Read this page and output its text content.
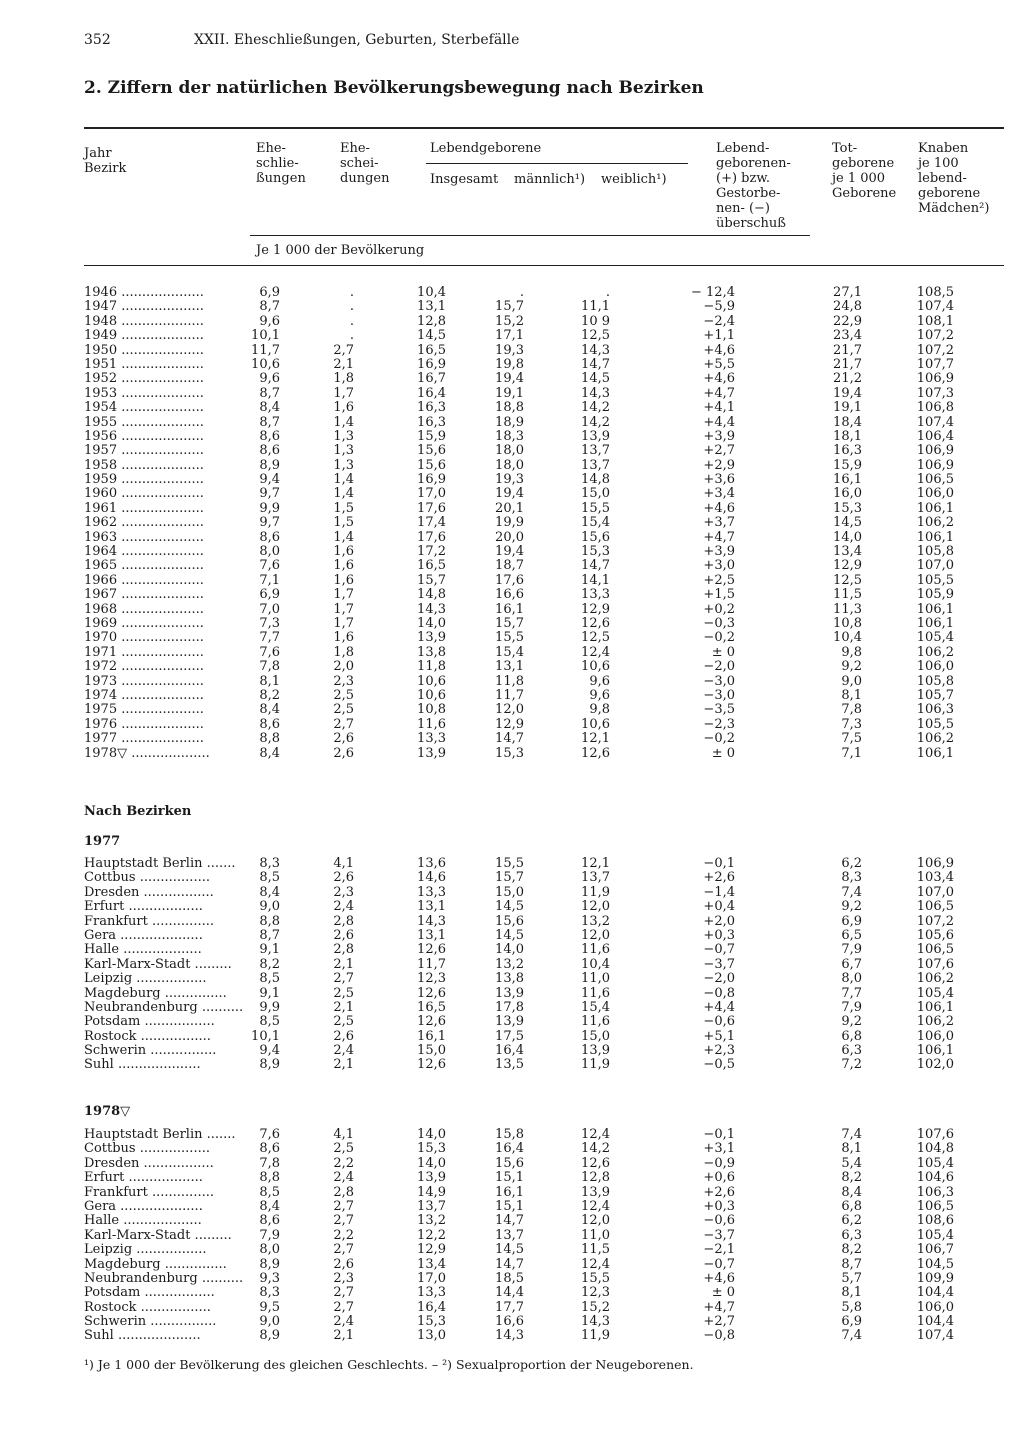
352	XXII. Eheschließungen, Geburten, Sterbefälle
2. Ziffern der natürlichen Bevölkerungsbewegung nach Bezirken
Jahr
Bezirk
Ehe-
schlie-
ßungen
Ehe-
schei-
dungen
Lebendgeborene
Insgesamt männlich¹) weiblich¹)
Lebend-
geborenen-
(+) bzw.
Gestorbe-
nen- (−)
überschuß
Tot-
geborene
je 1 000
Geborene
Knaben
je 100
lebend-
geborene
Mädchen²)
Je 1 000 der Bevölkerung
1946 ....................	6,9	.	10,4	.	.	− 12,4	27,1	108,5
1947 ....................	8,7	.	13,1	15,7	11,1	−5,9	24,8	107,4
1948 ....................	9,6	.	12,8	15,2	10 9	−2,4	22,9	108,1
1949 ....................	10,1	.	14,5	17,1	12,5	+1,1	23,4	107,2
1950 ....................	11,7	2,7	16,5	19,3	14,3	+4,6	21,7	107,2
1951 ....................	10,6	2,1	16,9	19,8	14,7	+5,5	21,7	107,7
1952 ....................	9,6	1,8	16,7	19,4	14,5	+4,6	21,2	106,9
1953 ....................	8,7	1,7	16,4	19,1	14,3	+4,7	19,4	107,3
1954 ....................	8,4	1,6	16,3	18,8	14,2	+4,1	19,1	106,8
1955 ....................	8,7	1,4	16,3	18,9	14,2	+4,4	18,4	107,4
1956 ....................	8,6	1,3	15,9	18,3	13,9	+3,9	18,1	106,4
1957 ....................	8,6	1,3	15,6	18,0	13,7	+2,7	16,3	106,9
1958 ....................	8,9	1,3	15,6	18,0	13,7	+2,9	15,9	106,9
1959 ....................	9,4	1,4	16,9	19,3	14,8	+3,6	16,1	106,5
1960 ....................	9,7	1,4	17,0	19,4	15,0	+3,4	16,0	106,0
1961 ....................	9,9	1,5	17,6	20,1	15,5	+4,6	15,3	106,1
1962 ....................	9,7	1,5	17,4	19,9	15,4	+3,7	14,5	106,2
1963 ....................	8,6	1,4	17,6	20,0	15,6	+4,7	14,0	106,1
1964 ....................	8,0	1,6	17,2	19,4	15,3	+3,9	13,4	105,8
1965 ....................	7,6	1,6	16,5	18,7	14,7	+3,0	12,9	107,0
1966 ....................	7,1	1,6	15,7	17,6	14,1	+2,5	12,5	105,5
1967 ....................	6,9	1,7	14,8	16,6	13,3	+1,5	11,5	105,9
1968 ....................	7,0	1,7	14,3	16,1	12,9	+0,2	11,3	106,1
1969 ....................	7,3	1,7	14,0	15,7	12,6	−0,3	10,8	106,1
1970 ....................	7,7	1,6	13,9	15,5	12,5	−0,2	10,4	105,4
1971 ....................	7,6	1,8	13,8	15,4	12,4	± 0	9,8	106,2
1972 ....................	7,8	2,0	11,8	13,1	10,6	−2,0	9,2	106,0
1973 ....................	8,1	2,3	10,6	11,8	9,6	−3,0	9,0	105,8
1974 ....................	8,2	2,5	10,6	11,7	9,6	−3,0	8,1	105,7
1975 ....................	8,4	2,5	10,8	12,0	9,8	−3,5	7,8	106,3
1976 ....................	8,6	2,7	11,6	12,9	10,6	−2,3	7,3	105,5
1977 ....................	8,8	2,6	13,3	14,7	12,1	−0,2	7,5	106,2
1978▽ ...................	8,4	2,6	13,9	15,3	12,6	± 0	7,1	106,1
Nach Bezirken
1977
Hauptstadt Berlin ....... 8,3	4,1	13,6	15,5	12,1	−0,1	6,2	106,9
Cottbus .................	8,5	2,6	14,6	15,7	13,7	+2,6	8,3	103,4
Dresden .................	8,4	2,3	13,3	15,0	11,9	−1,4	7,4	107,0
Erfurt ..................	9,0	2,4	13,1	14,5	12,0	+0,4	9,2	106,5
Frankfurt ...............	8,8	2,8	14,3	15,6	13,2	+2,0	6,9	107,2
Gera ....................	8,7	2,6	13,1	14,5	12,0	+0,3	6,5	105,6
Halle ...................	9,1	2,8	12,6	14,0	11,6	−0,7	7,9	106,5
Karl-Marx-Stadt ......... 8,2	2,1	11,7	13,2	10,4	−3,7	6,7	107,6
Leipzig .................	8,5	2,7	12,3	13,8	11,0	−2,0	8,0	106,2
Magdeburg ...............	9,1	2,5	12,6	13,9	11,6	−0,8	7,7	105,4
Neubrandenburg .......... 9,9	2,1	16,5	17,8	15,4	+4,4	7,9	106,1
Potsdam .................	8,5	2,5	12,6	13,9	11,6	−0,6	9,2	106,2
Rostock .................	10,1	2,6	16,1	17,5	15,0	+5,1	6,8	106,0
Schwerin ................	9,4	2,4	15,0	16,4	13,9	+2,3	6,3	106,1
Suhl ....................	8,9	2,1	12,6	13,5	11,9	−0,5	7,2	102,0
1978▽
Hauptstadt Berlin ....... 7,6	4,1	14,0	15,8	12,4	−0,1	7,4	107,6
Cottbus .................	8,6	2,5	15,3	16,4	14,2	+3,1	8,1	104,8
Dresden .................	7,8	2,2	14,0	15,6	12,6	−0,9	5,4	105,4
Erfurt ..................	8,8	2,4	13,9	15,1	12,8	+0,6	8,2	104,6
Frankfurt ...............	8,5	2,8	14,9	16,1	13,9	+2,6	8,4	106,3
Gera ....................	8,4	2,7	13,7	15,1	12,4	+0,3	6,8	106,5
Halle ...................	8,6	2,7	13,2	14,7	12,0	−0,6	6,2	108,6
Karl-Marx-Stadt ......... 7,9	2,2	12,2	13,7	11,0	−3,7	6,3	105,4
Leipzig .................	8,0	2,7	12,9	14,5	11,5	−2,1	8,2	106,7
Magdeburg ...............	8,9	2,6	13,4	14,7	12,4	−0,7	8,7	104,5
Neubrandenburg .......... 9,3	2,3	17,0	18,5	15,5	+4,6	5,7	109,9
Potsdam .................	8,3	2,7	13,3	14,4	12,3	± 0	8,1	104,4
Rostock .................	9,5	2,7	16,4	17,7	15,2	+4,7	5,8	106,0
Schwerin ................	9,0	2,4	15,3	16,6	14,3	+2,7	6,9	104,4
Suhl ....................	8,9	2,1	13,0	14,3	11,9	−0,8	7,4	107,4
¹) Je 1 000 der Bevölkerung des gleichen Geschlechts. – ²) Sexualproportion der Neugeborenen.
